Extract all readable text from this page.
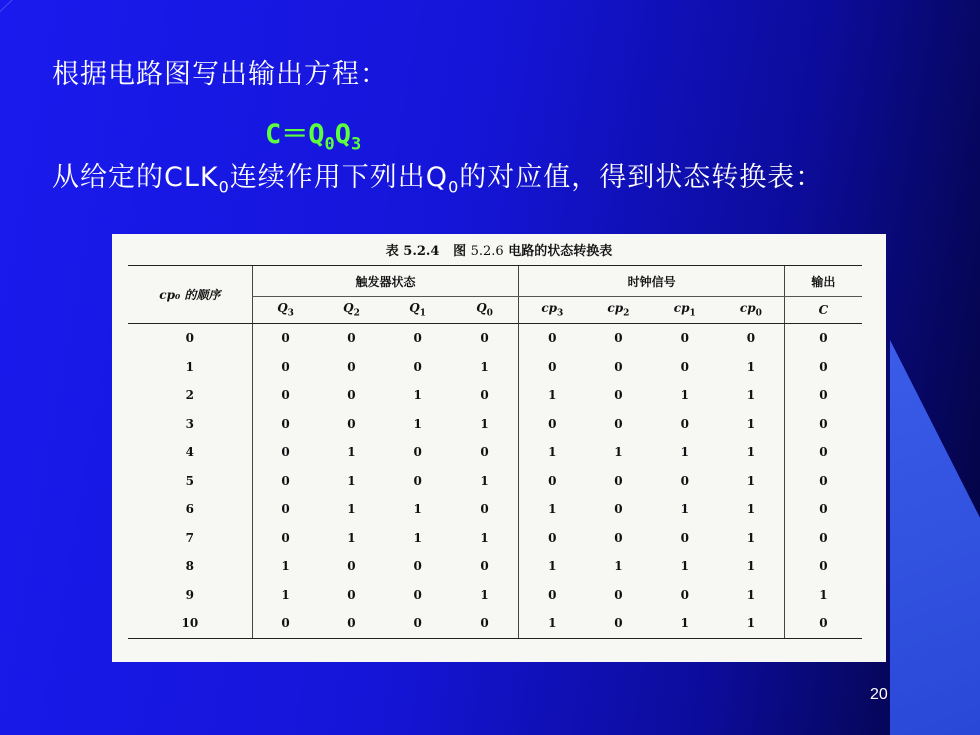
根据电路图写出输出方程：
$C=Q_0Q_3$
从给定的$CLK_0$连续作用下列出$Q_0$的对应值，得到状态转换表：
表 5.2.4 图 5.2.6 电路的状态转换表
cp₀ 的顺序	触发器状态				时钟信号				输出
	$Q_3$	$Q_2$	$Q_1$	$Q_0$	$cp_3$	$cp_2$	$cp_1$	$cp_0$	C
0	0	0	0	0	0	0	0	0	0
1	0	0	0	1	0	0	0	1	0
2	0	0	1	0	1	0	1	1	0
3	0	0	1	1	0	0	0	1	0
4	0	1	0	0	1	1	1	1	0
5	0	1	0	1	0	0	0	1	0
6	0	1	1	0	1	0	1	1	0
7	0	1	1	1	0	0	0	1	0
8	1	0	0	0	1	1	1	1	0
9	1	0	0	1	0	0	0	1	1
10	0	0	0	0	1	0	1	1	0
20
